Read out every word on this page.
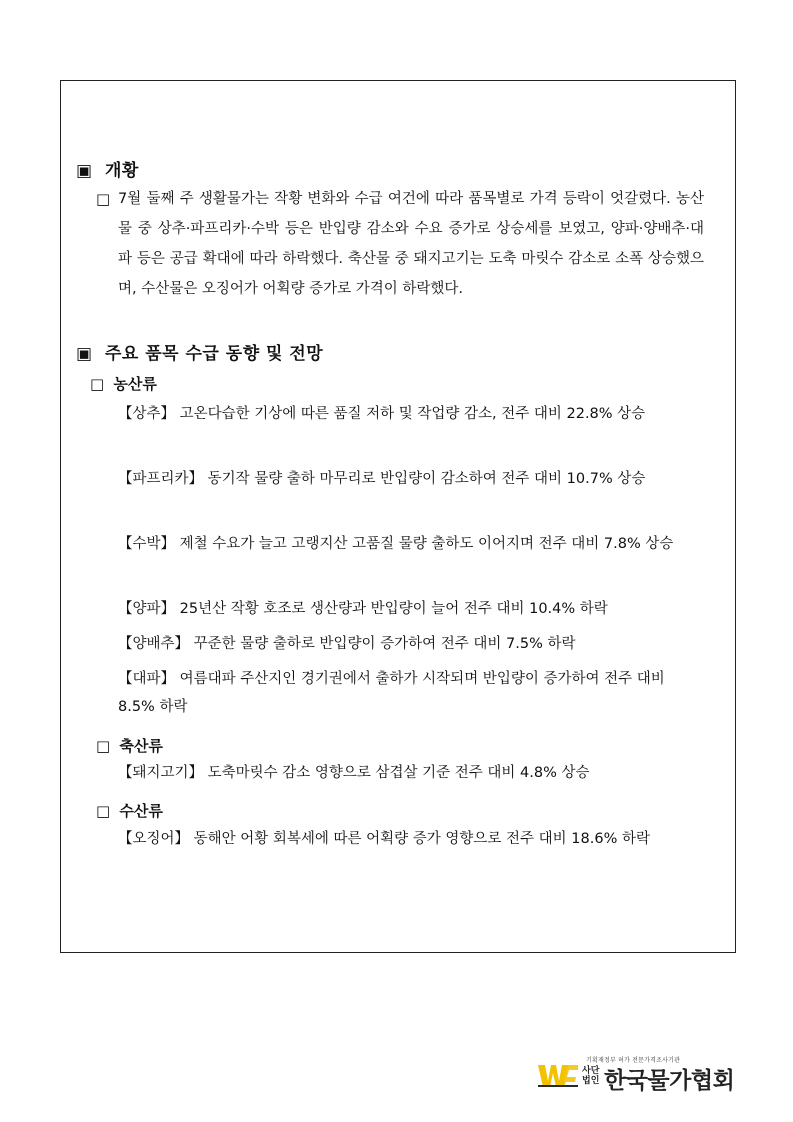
▣ 개황
□ 7월 둘째 주 생활물가는 작황 변화와 수급 여건에 따라 품목별로 가격 등락이 엇갈렸다. 농산물 중 상추·파프리카·수박 등은 반입량 감소와 수요 증가로 상승세를 보였고, 양파·양배추·대파 등은 공급 확대에 따라 하락했다. 축산물 중 돼지고기는 도축 마릿수 감소로 소폭 상승했으며, 수산물은 오징어가 어획량 증가로 가격이 하락했다.
▣ 주요 품목 수급 동향 및 전망
□ 농산류
【상추】 고온다습한 기상에 따른 품질 저하 및 작업량 감소, 전주 대비 22.8% 상승
【파프리카】 동기작 물량 출하 마무리로 반입량이 감소하여 전주 대비 10.7% 상승
【수박】 제철 수요가 늘고 고랭지산 고품질 물량 출하도 이어지며 전주 대비 7.8% 상승
【양파】 25년산 작황 호조로 생산량과 반입량이 늘어 전주 대비 10.4% 하락
【양배추】 꾸준한 물량 출하로 반입량이 증가하여 전주 대비 7.5% 하락
【대파】 여름대파 주산지인 경기권에서 출하가 시작되며 반입량이 증가하여 전주 대비 8.5% 하락
□ 축산류
【돼지고기】 도축마릿수 감소 영향으로 삼겹살 기준 전주 대비 4.8% 상승
□ 수산류
【오징어】 동해안 어황 회복세에 따른 어획량 증가 영향으로 전주 대비 18.6% 하락
기획재정부 허가 전문가격조사기관
사단법인 한국물가협회
